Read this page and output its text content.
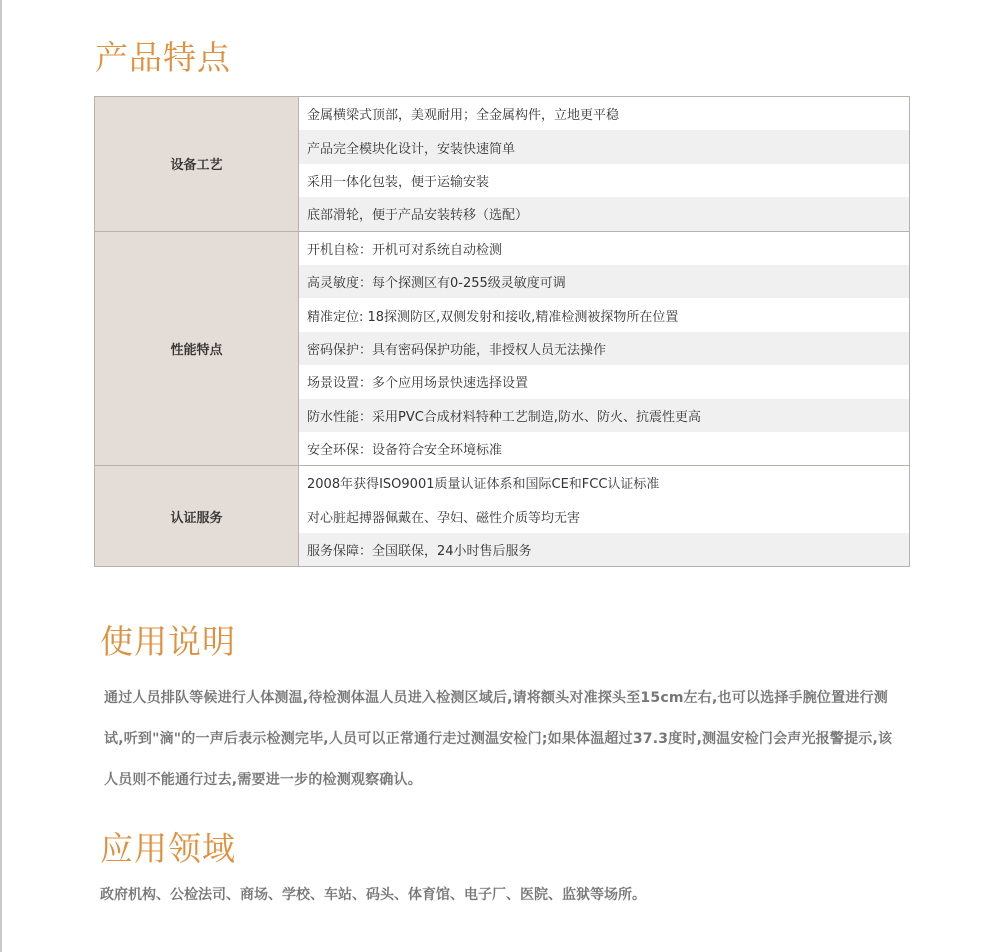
产品特点
设备工艺	金属横梁式顶部，美观耐用；全金属构件，立地更平稳
	产品完全模块化设计，安装快速简单
	采用一体化包装，便于运输安装
	底部滑轮，便于产品安装转移（选配）
性能特点	开机自检：开机可对系统自动检测
	高灵敏度：每个探测区有0-255级灵敏度可调
	精准定位: 18探测防区,双侧发射和接收,精准检测被探物所在位置
	密码保护：具有密码保护功能，非授权人员无法操作
	场景设置：多个应用场景快速选择设置
	防水性能：采用PVC合成材料特种工艺制造,防水、防火、抗震性更高
	安全环保：设备符合安全环境标准
认证服务	2008年获得ISO9001质量认证体系和国际CE和FCC认证标准
	对心脏起搏器佩戴在、孕妇、磁性介质等均无害
	服务保障：全国联保，24小时售后服务
使用说明

通过人员排队等候进行人体测温,待检测体温人员进入检测区域后,请将额头对准探头至15cm左右,也可以选择手腕位置进行测试,听到"滴"的一声后表示检测完毕,人员可以正常通行走过测温安检门;如果体温超过37.3度时,测温安检门会声光报警提示,该人员则不能通行过去,需要进一步的检测观察确认。

应用领域

政府机构、公检法司、商场、学校、车站、码头、体育馆、电子厂、医院、监狱等场所。
